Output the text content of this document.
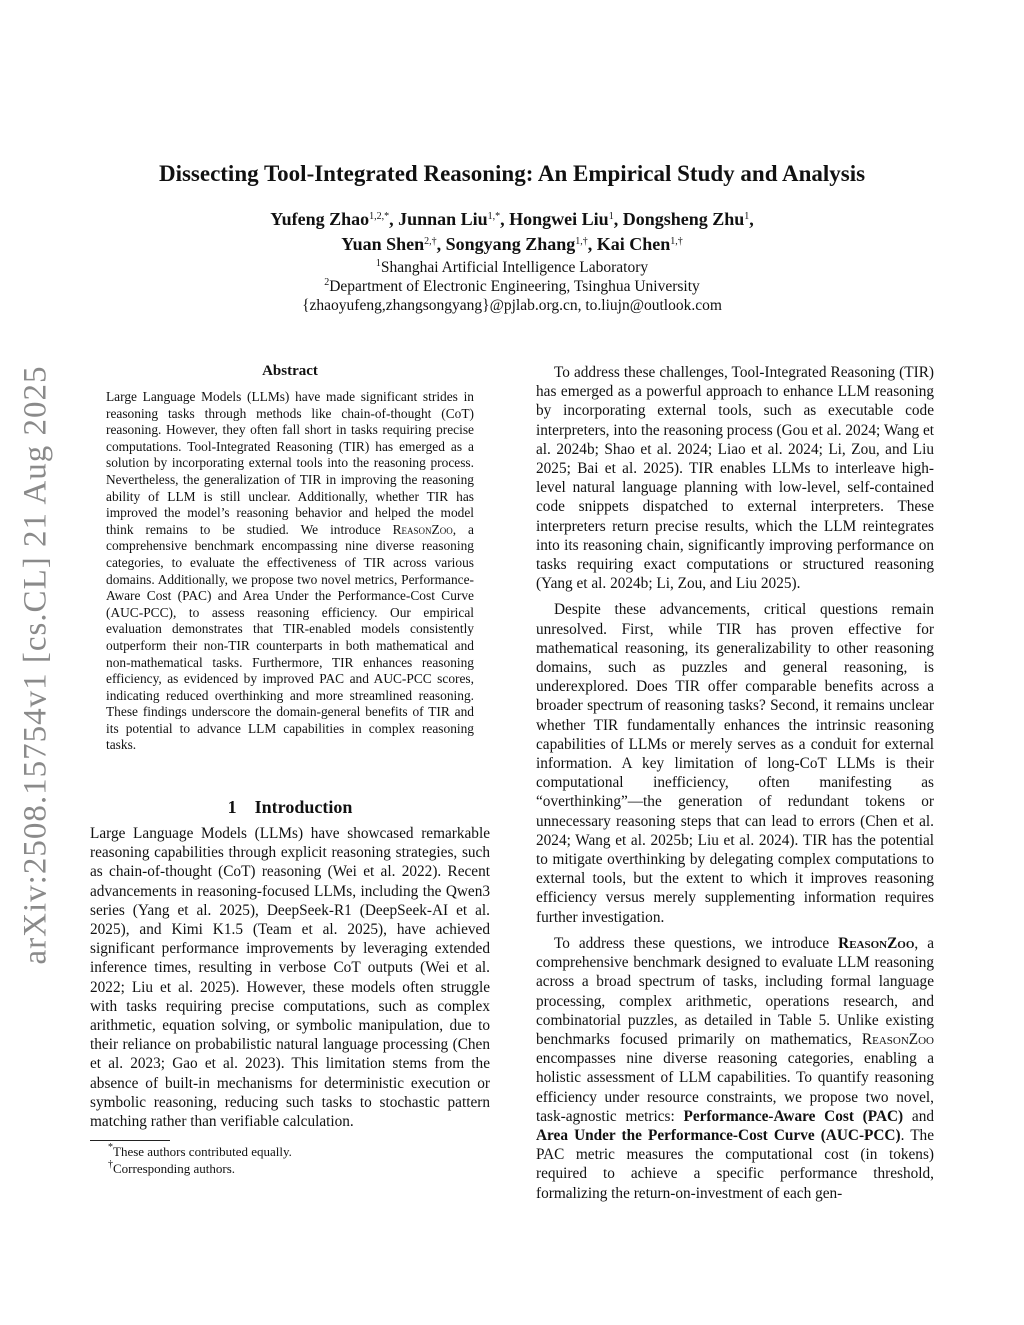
arXiv:2508.15754v1 [cs.CL] 21 Aug 2025
Dissecting Tool-Integrated Reasoning: An Empirical Study and Analysis
Yufeng Zhao$^{1,2,*}$, Junnan Liu$^{1,*}$, Hongwei Liu$^1$, Dongsheng Zhu$^1$,
Yuan Shen$^{2,\dagger}$, Songyang Zhang$^{1,\dagger}$, Kai Chen$^{1,\dagger}$
$^1$Shanghai Artificial Intelligence Laboratory
$^2$Department of Electronic Engineering, Tsinghua University
{zhaoyufeng,zhangsongyang}@pjlab.org.cn, to.liujn@outlook.com
Abstract

Large Language Models (LLMs) have made significant strides in reasoning tasks through methods like chain-of-thought (CoT) reasoning. However, they often fall short in tasks requiring precise computations. Tool-Integrated Reasoning (TIR) has emerged as a solution by incorporating external tools into the reasoning process. Nevertheless, the generalization of TIR in improving the reasoning ability of LLM is still unclear. Additionally, whether TIR has improved the model’s reasoning behavior and helped the model think remains to be studied. We introduce ReasonZoo, a comprehensive benchmark encompassing nine diverse reasoning categories, to evaluate the effectiveness of TIR across various domains. Additionally, we propose two novel metrics, Performance-Aware Cost (PAC) and Area Under the Performance-Cost Curve (AUC-PCC), to assess reasoning efficiency. Our empirical evaluation demonstrates that TIR-enabled models consistently outperform their non-TIR counterparts in both mathematical and non-mathematical tasks. Furthermore, TIR enhances reasoning efficiency, as evidenced by improved PAC and AUC-PCC scores, indicating reduced overthinking and more streamlined reasoning. These findings underscore the domain-general benefits of TIR and its potential to advance LLM capabilities in complex reasoning tasks.

1 Introduction

Large Language Models (LLMs) have showcased remarkable reasoning capabilities through explicit reasoning strategies, such as chain-of-thought (CoT) reasoning (Wei et al. 2022). Recent advancements in reasoning-focused LLMs, including the Qwen3 series (Yang et al. 2025), DeepSeek-R1 (DeepSeek-AI et al. 2025), and Kimi K1.5 (Team et al. 2025), have achieved significant performance improvements by leveraging extended inference times, resulting in verbose CoT outputs (Wei et al. 2022; Liu et al. 2025). However, these models often struggle with tasks requiring precise computations, such as complex arithmetic, equation solving, or symbolic manipulation, due to their reliance on probabilistic natural language processing (Chen et al. 2023; Gao et al. 2023). This limitation stems from the absence of built-in mechanisms for deterministic execution or symbolic reasoning, reducing such tasks to stochastic pattern matching rather than verifiable calculation.

*These authors contributed equally.
†Corresponding authors.

To address these challenges, Tool-Integrated Reasoning (TIR) has emerged as a powerful approach to enhance LLM reasoning by incorporating external tools, such as executable code interpreters, into the reasoning process (Gou et al. 2024; Wang et al. 2024b; Shao et al. 2024; Liao et al. 2024; Li, Zou, and Liu 2025; Bai et al. 2025). TIR enables LLMs to interleave high-level natural language planning with low-level, self-contained code snippets dispatched to external interpreters. These interpreters return precise results, which the LLM reintegrates into its reasoning chain, significantly improving performance on tasks requiring exact computations or structured reasoning (Yang et al. 2024b; Li, Zou, and Liu 2025).

Despite these advancements, critical questions remain unresolved. First, while TIR has proven effective for mathematical reasoning, its generalizability to other reasoning domains, such as puzzles and general reasoning, is underexplored. Does TIR offer comparable benefits across a broader spectrum of reasoning tasks? Second, it remains unclear whether TIR fundamentally enhances the intrinsic reasoning capabilities of LLMs or merely serves as a conduit for external information. A key limitation of long-CoT LLMs is their computational inefficiency, often manifesting as “overthinking”—the generation of redundant tokens or unnecessary reasoning steps that can lead to errors (Chen et al. 2024; Wang et al. 2025b; Liu et al. 2024). TIR has the potential to mitigate overthinking by delegating complex computations to external tools, but the extent to which it improves reasoning efficiency versus merely supplementing information requires further investigation.

To address these questions, we introduce ReasonZoo, a comprehensive benchmark designed to evaluate LLM reasoning across a broad spectrum of tasks, including formal language processing, complex arithmetic, operations research, and combinatorial puzzles, as detailed in Table 5. Unlike existing benchmarks focused primarily on mathematics, ReasonZoo encompasses nine diverse reasoning categories, enabling a holistic assessment of LLM capabilities. To quantify reasoning efficiency under resource constraints, we propose two novel, task-agnostic metrics: Performance-Aware Cost (PAC) and Area Under the Performance-Cost Curve (AUC-PCC). The PAC metric measures the computational cost (in tokens) required to achieve a specific performance threshold, formalizing the return-on-investment of each gen-
